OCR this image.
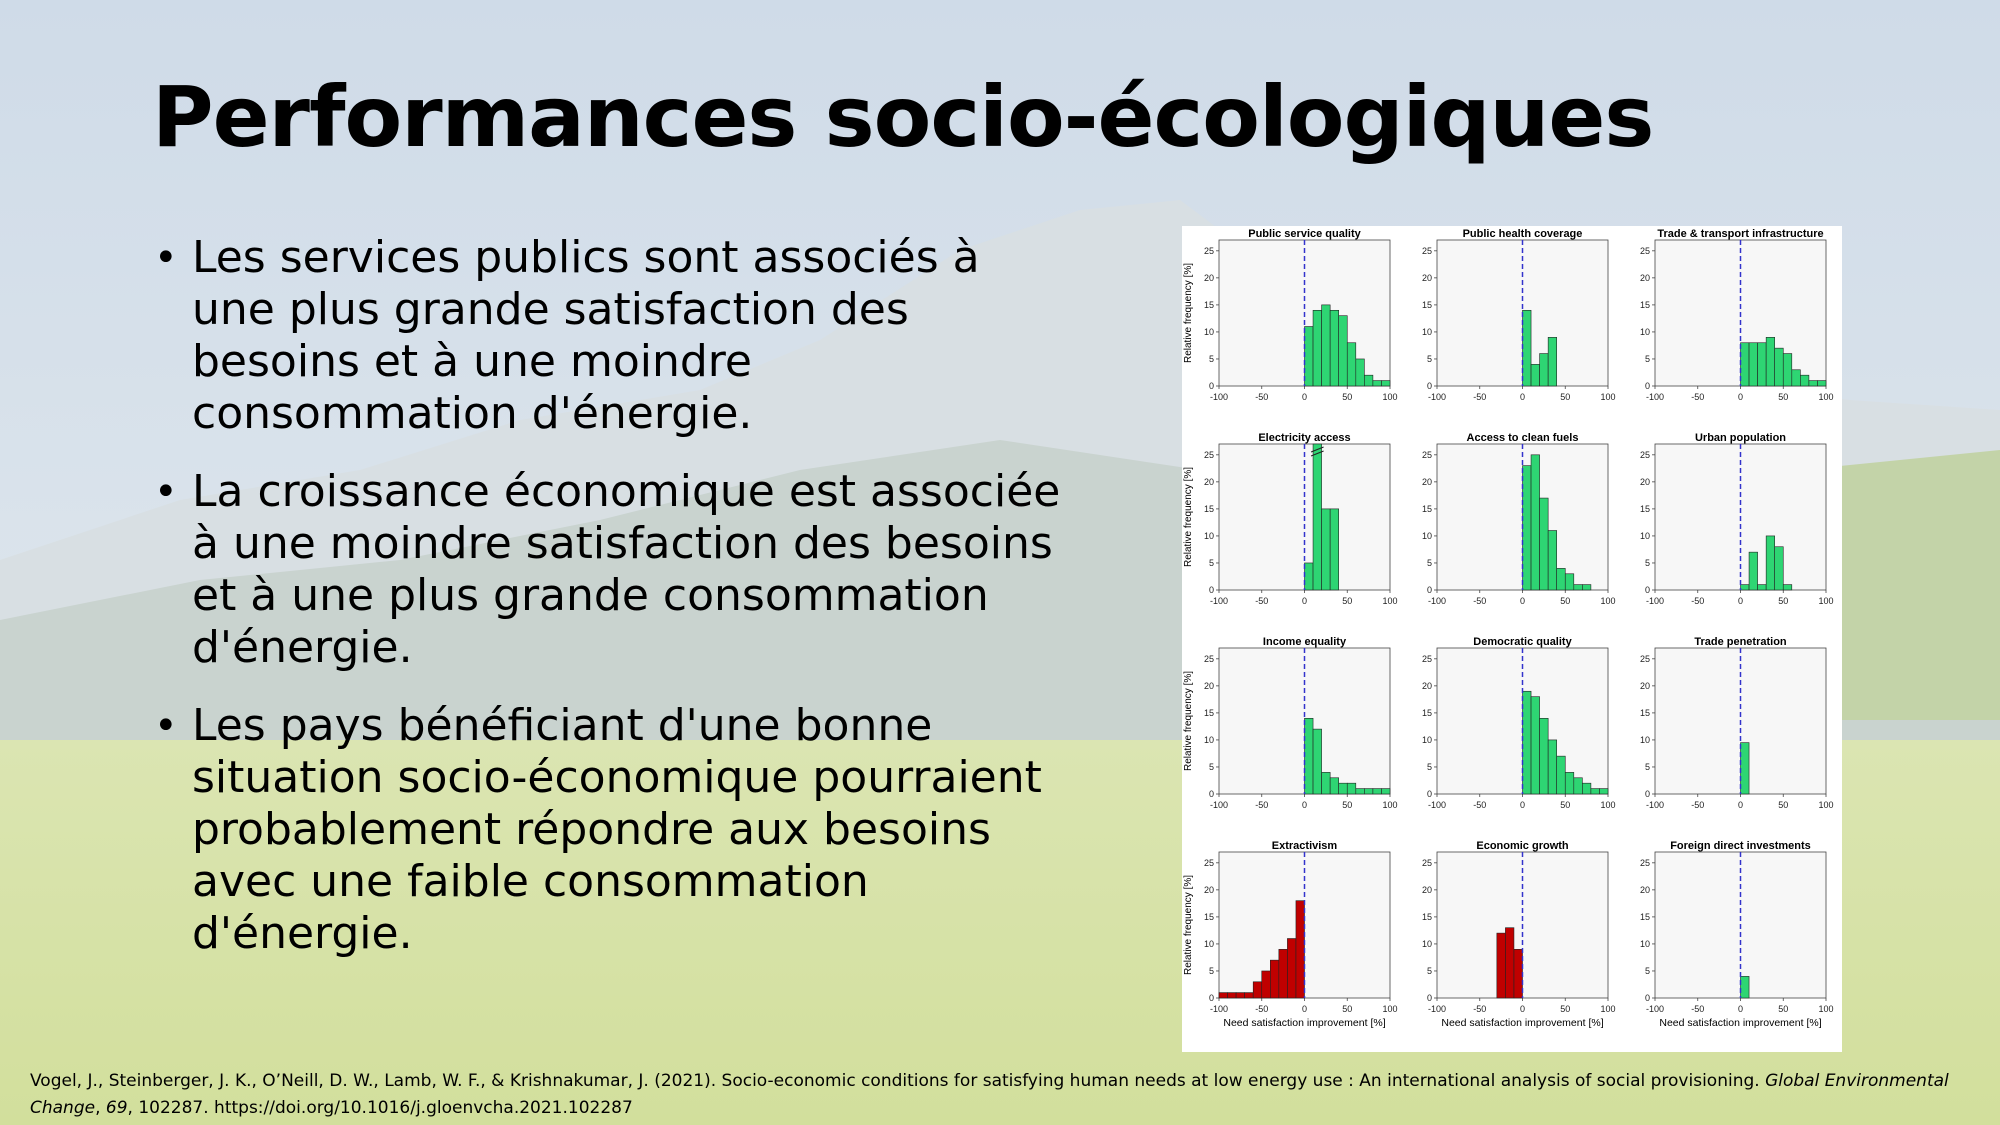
Performances socio-écologiques
• Les services publics sont associés à une plus grande satisfaction des besoins et à une moindre consommation d'énergie.
• La croissance économique est associée à une moindre satisfaction des besoins et à une plus grande consommation d'énergie.
• Les pays bénéficiant d'une bonne situation socio-économique pourraient probablement répondre aux besoins avec une faible consommation d'énergie.
Public service quality
0
5
10
15
20
25
-100	-50	0	50	100
Relative frequency [%]
Public health coverage
0
5
10
15
20
25
-100	-50	0	50	100
Trade & transport infrastructure
0
5
10
15
20
25
-100	-50	0	50	100
Electricity access
0
5
10
15
20
25
-100	-50	0	50	100
Relative frequency [%]
Access to clean fuels
0
5
10
15
20
25
-100	-50	0	50	100
Urban population
0
5
10
15
20
25
-100	-50	0	50	100
Income equality
0
5
10
15
20
25
-100	-50	0	50	100
Relative frequency [%]
Democratic quality
0
5
10
15
20
25
-100	-50	0	50	100
Trade penetration
0
5
10
15
20
25
-100	-50	0	50	100
Extractivism
0
5
10
15
20
25
-100	-50	0	50	100
Relative frequency [%]
Need satisfaction improvement [%]
Economic growth
0
5
10
15
20
25
-100	-50	0	50	100
Need satisfaction improvement [%]
Foreign direct investments
0
5
10
15
20
25
-100	-50	0	50	100
Need satisfaction improvement [%]

Vogel, J., Steinberger, J. K., O’Neill, D. W., Lamb, W. F., & Krishnakumar, J. (2021). Socio-economic conditions for satisfying human needs at low energy use : An international analysis of social provisioning. Global Environmental Change, 69, 102287. https://doi.org/10.1016/j.gloenvcha.2021.102287
